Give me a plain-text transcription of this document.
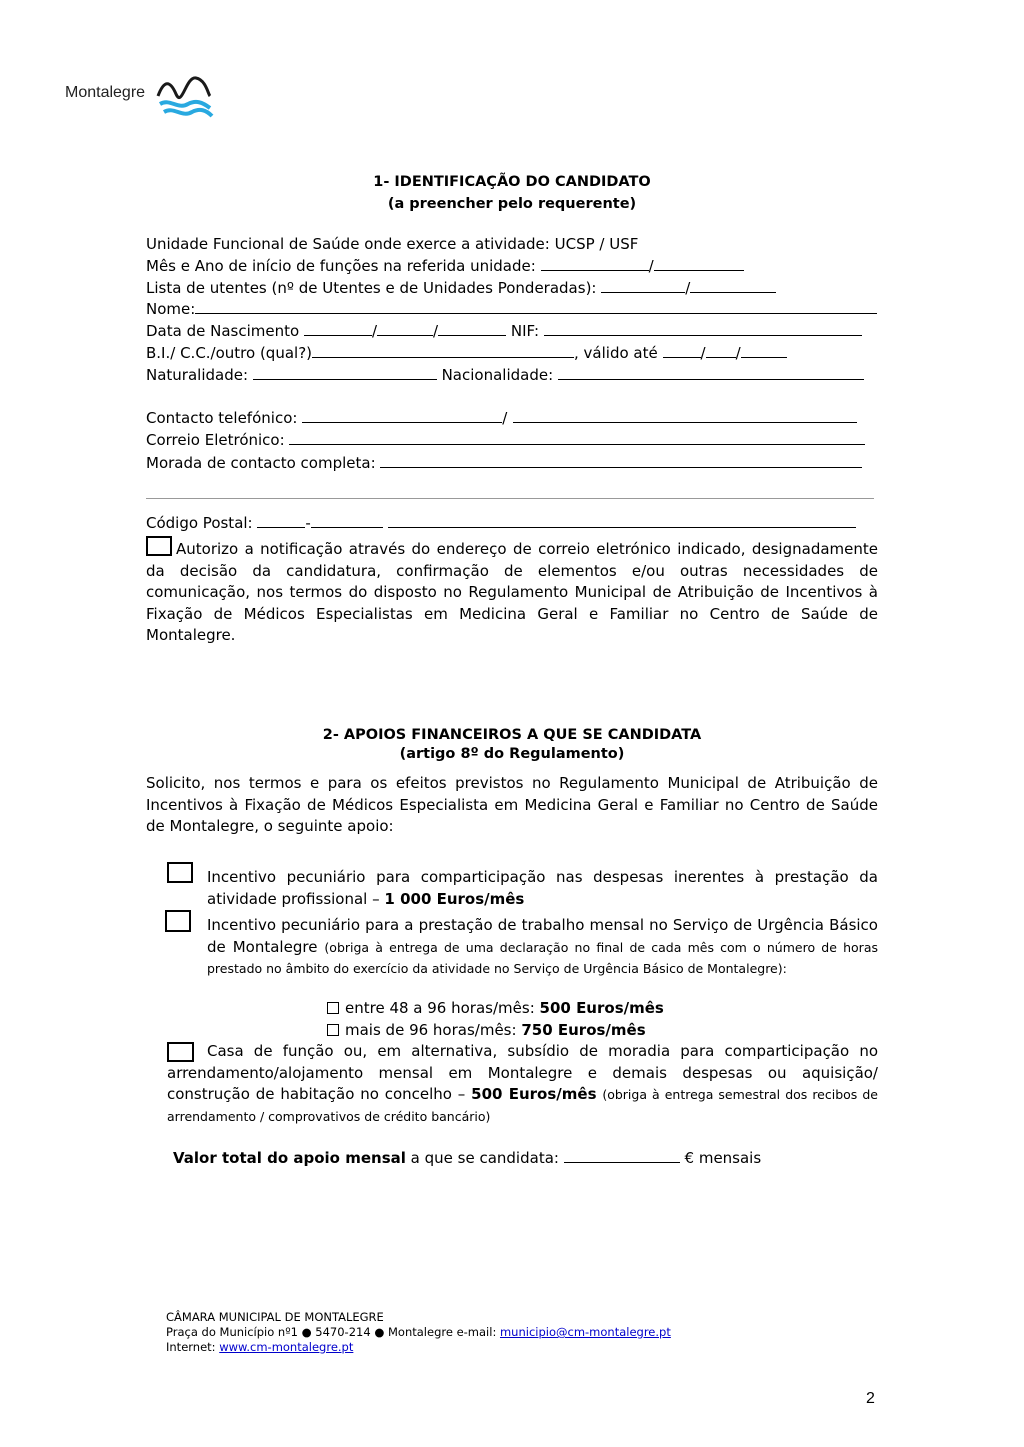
Montalegre
1- IDENTIFICAÇÃO DO CANDIDATO
(a preencher pelo requerente)
Unidade Funcional de Saúde onde exerce a atividade: UCSP / USF
Mês e Ano de início de funções na referida unidade:	/
Lista de utentes (nº de Utentes e de Unidades Ponderadas):	/
Nome:
Data de Nascimento	/	/	NIF:
B.I./ C.C./outro (qual?)	, válido até	/ /
Naturalidade:	Nacionalidade:
Contacto telefónico:	/
Correio Eletrónico:
Morada de contacto completa:
Código Postal:	-
Autorizo a notificação através do endereço de correio eletrónico indicado, designadamente da decisão da candidatura, confirmação de elementos e/ou outras necessidades de comunicação, nos termos do disposto no Regulamento Municipal de Atribuição de Incentivos à Fixação de Médicos Especialistas em Medicina Geral e Familiar no Centro de Saúde de Montalegre.
2- APOIOS FINANCEIROS A QUE SE CANDIDATA
(artigo 8º do Regulamento)
Solicito, nos termos e para os efeitos previstos no Regulamento Municipal de Atribuição de Incentivos à Fixação de Médicos Especialista em Medicina Geral e Familiar no Centro de Saúde de Montalegre, o seguinte apoio:
Incentivo pecuniário para comparticipação nas despesas inerentes à prestação da atividade profissional – 1 000 Euros/mês
Incentivo pecuniário para a prestação de trabalho mensal no Serviço de Urgência Básico de Montalegre (obriga à entrega de uma declaração no final de cada mês com o número de horas prestado no âmbito do exercício da atividade no Serviço de Urgência Básico de Montalegre):
entre 48 a 96 horas/mês: 500 Euros/mês
mais de 96 horas/mês: 750 Euros/mês
Casa de função ou, em alternativa, subsídio de moradia para comparticipação no arrendamento/alojamento mensal em Montalegre e demais despesas ou aquisição/ construção de habitação no concelho – 500 Euros/mês (obriga à entrega semestral dos recibos de arrendamento / comprovativos de crédito bancário)
Valor total do apoio mensal a que se candidata:	€ mensais
CÂMARA MUNICIPAL DE MONTALEGRE
Praça do Município nº1 ● 5470-214 ● Montalegre e-mail: municipio@cm-montalegre.pt
Internet: www.cm-montalegre.pt
2
